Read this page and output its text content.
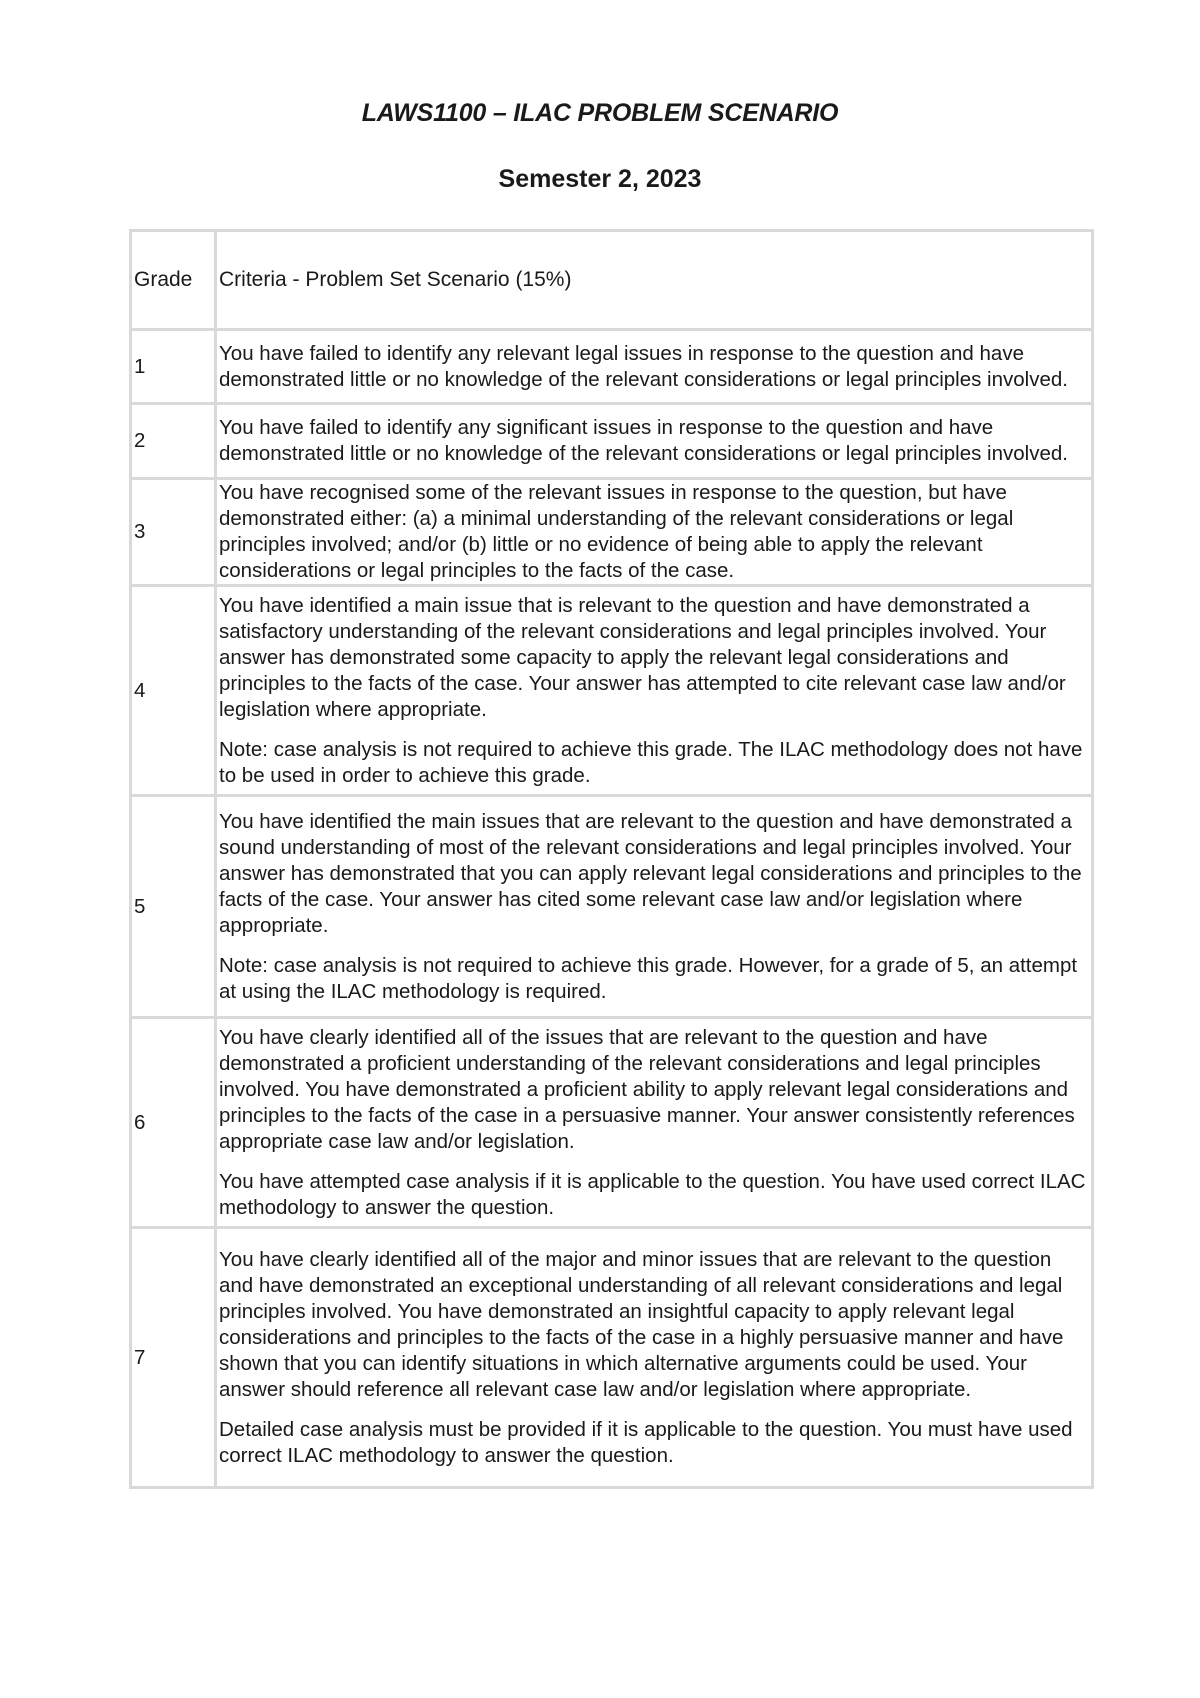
LAWS1100 – ILAC PROBLEM SCENARIO
Semester 2, 2023
Grade	Criteria - Problem Set Scenario (15%)
1	You have failed to identify any relevant legal issues in response to the question and have demonstrated little or no knowledge of the relevant considerations or legal principles involved.

2	You have failed to identify any significant issues in response to the question and have demonstrated little or no knowledge of the relevant considerations or legal principles involved.

3	You have recognised some of the relevant issues in response to the question, but have demonstrated either: (a) a minimal understanding of the relevant considerations or legal principles involved; and/or (b) little or no evidence of being able to apply the relevant considerations or legal principles to the facts of the case.

4	You have identified a main issue that is relevant to the question and have demonstrated a satisfactory understanding of the relevant considerations and legal principles involved. Your answer has demonstrated some capacity to apply the relevant legal considerations and principles to the facts of the case. Your answer has attempted to cite relevant case law and/or legislation where appropriate.

Note: case analysis is not required to achieve this grade. The ILAC methodology does not have to be used in order to achieve this grade.

5	You have identified the main issues that are relevant to the question and have demonstrated a sound understanding of most of the relevant considerations and legal principles involved. Your answer has demonstrated that you can apply relevant legal considerations and principles to the facts of the case. Your answer has cited some relevant case law and/or legislation where appropriate.

Note: case analysis is not required to achieve this grade. However, for a grade of 5, an attempt at using the ILAC methodology is required.

6	You have clearly identified all of the issues that are relevant to the question and have demonstrated a proficient understanding of the relevant considerations and legal principles involved. You have demonstrated a proficient ability to apply relevant legal considerations and principles to the facts of the case in a persuasive manner. Your answer consistently references appropriate case law and/or legislation.

You have attempted case analysis if it is applicable to the question. You have used correct ILAC methodology to answer the question.

7	You have clearly identified all of the major and minor issues that are relevant to the question and have demonstrated an exceptional understanding of all relevant considerations and legal principles involved. You have demonstrated an insightful capacity to apply relevant legal considerations and principles to the facts of the case in a highly persuasive manner and have shown that you can identify situations in which alternative arguments could be used. Your answer should reference all relevant case law and/or legislation where appropriate.

Detailed case analysis must be provided if it is applicable to the question. You must have used correct ILAC methodology to answer the question.
